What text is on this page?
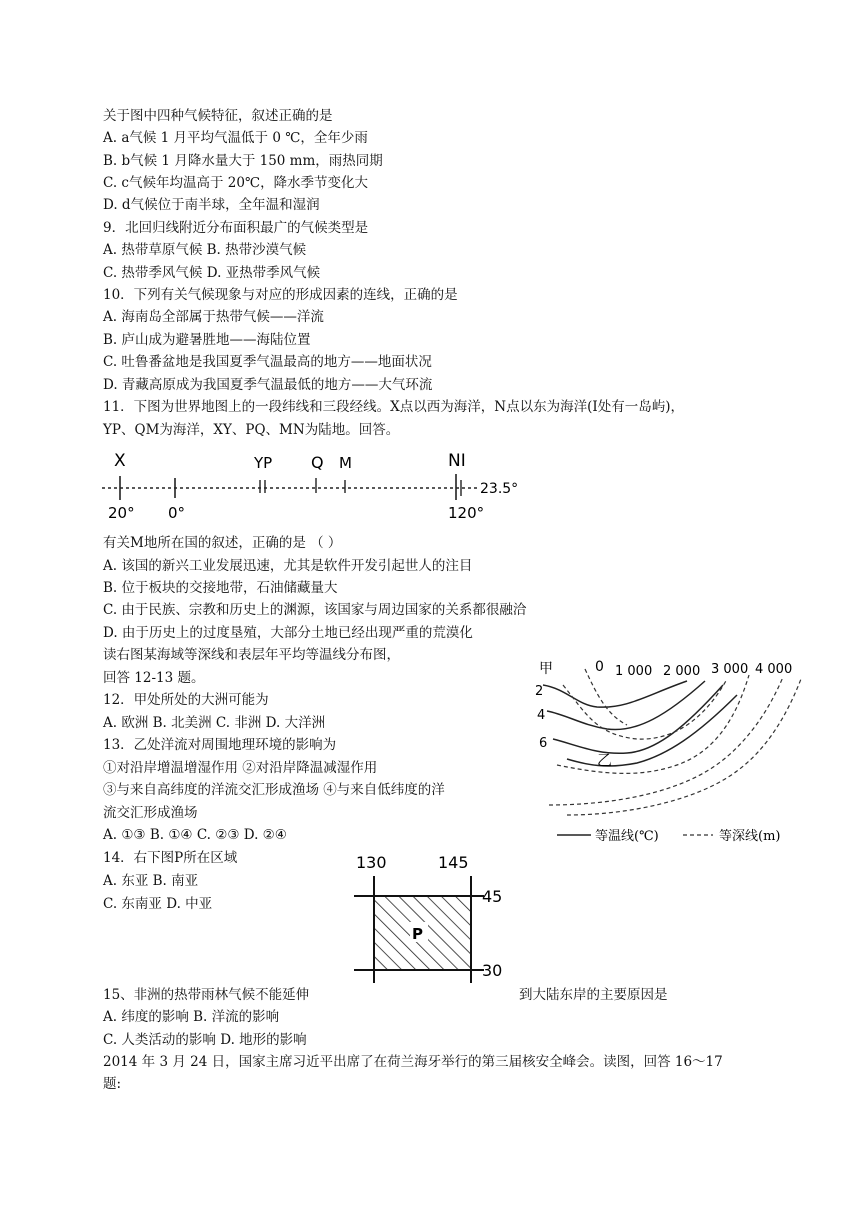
关于图中四种气候特征，叙述正确的是
A. a气候 1 月平均气温低于 0 ℃，全年少雨
B. b气候 1 月降水量大于 150 mm，雨热同期
C. c气候年均温高于 20℃，降水季节变化大
D. d气候位于南半球，全年温和湿润
9．北回归线附近分布面积最广的气候类型是
A. 热带草原气候 B. 热带沙漠气候
C. 热带季风气候 D. 亚热带季风气候
10．下列有关气候现象与对应的形成因素的连线，正确的是
A. 海南岛全部属于热带气候——洋流
B. 庐山成为避暑胜地——海陆位置
C. 吐鲁番盆地是我国夏季气温最高的地方——地面状况
D. 青藏高原成为我国夏季气温最低的地方——大气环流
11．下图为世界地图上的一段纬线和三段经线。X点以西为海洋，N点以东为海洋(I处有一岛屿)，
YP、QM为海洋，XY、PQ、MN为陆地。回答。
有关M地所在国的叙述，正确的是 （ ）
A. 该国的新兴工业发展迅速，尤其是软件开发引起世人的注目
B. 位于板块的交接地带，石油储藏量大
C. 由于民族、宗教和历史上的渊源，该国家与周边国家的关系都很融洽
D. 由于历史上的过度垦殖，大部分土地已经出现严重的荒漠化
读右图某海域等深线和表层年平均等温线分布图，
回答 12-13 题。
12．甲处所处的大洲可能为
A. 欧洲 B. 北美洲 C. 非洲 D. 大洋洲
13．乙处洋流对周围地理环境的影响为
①对沿岸增温增湿作用 ②对沿岸降温减湿作用
③与来自高纬度的洋流交汇形成渔场 ④与来自低纬度的洋
流交汇形成渔场
A. ①③ B. ①④ C. ②③ D. ②④
14．右下图P所在区域
A. 东亚 B. 南亚
C. 东南亚 D. 中亚
15、非洲的热带雨林气候不能延伸	到大陆东岸的主要原因是
A. 纬度的影响 B. 洋流的影响
C. 人类活动的影响 D. 地形的影响
2014 年 3 月 24 日，国家主席习近平出席了在荷兰海牙举行的第三届核安全峰会。读图，回答 16～17
题:
X	YP Q M	NI
20° 0°	120°
23.5°
甲	0 1 000 2 000 3 000 4 000
2
4
6
乙
等温线(℃)	等深线(m)
P
130	145
45
30
